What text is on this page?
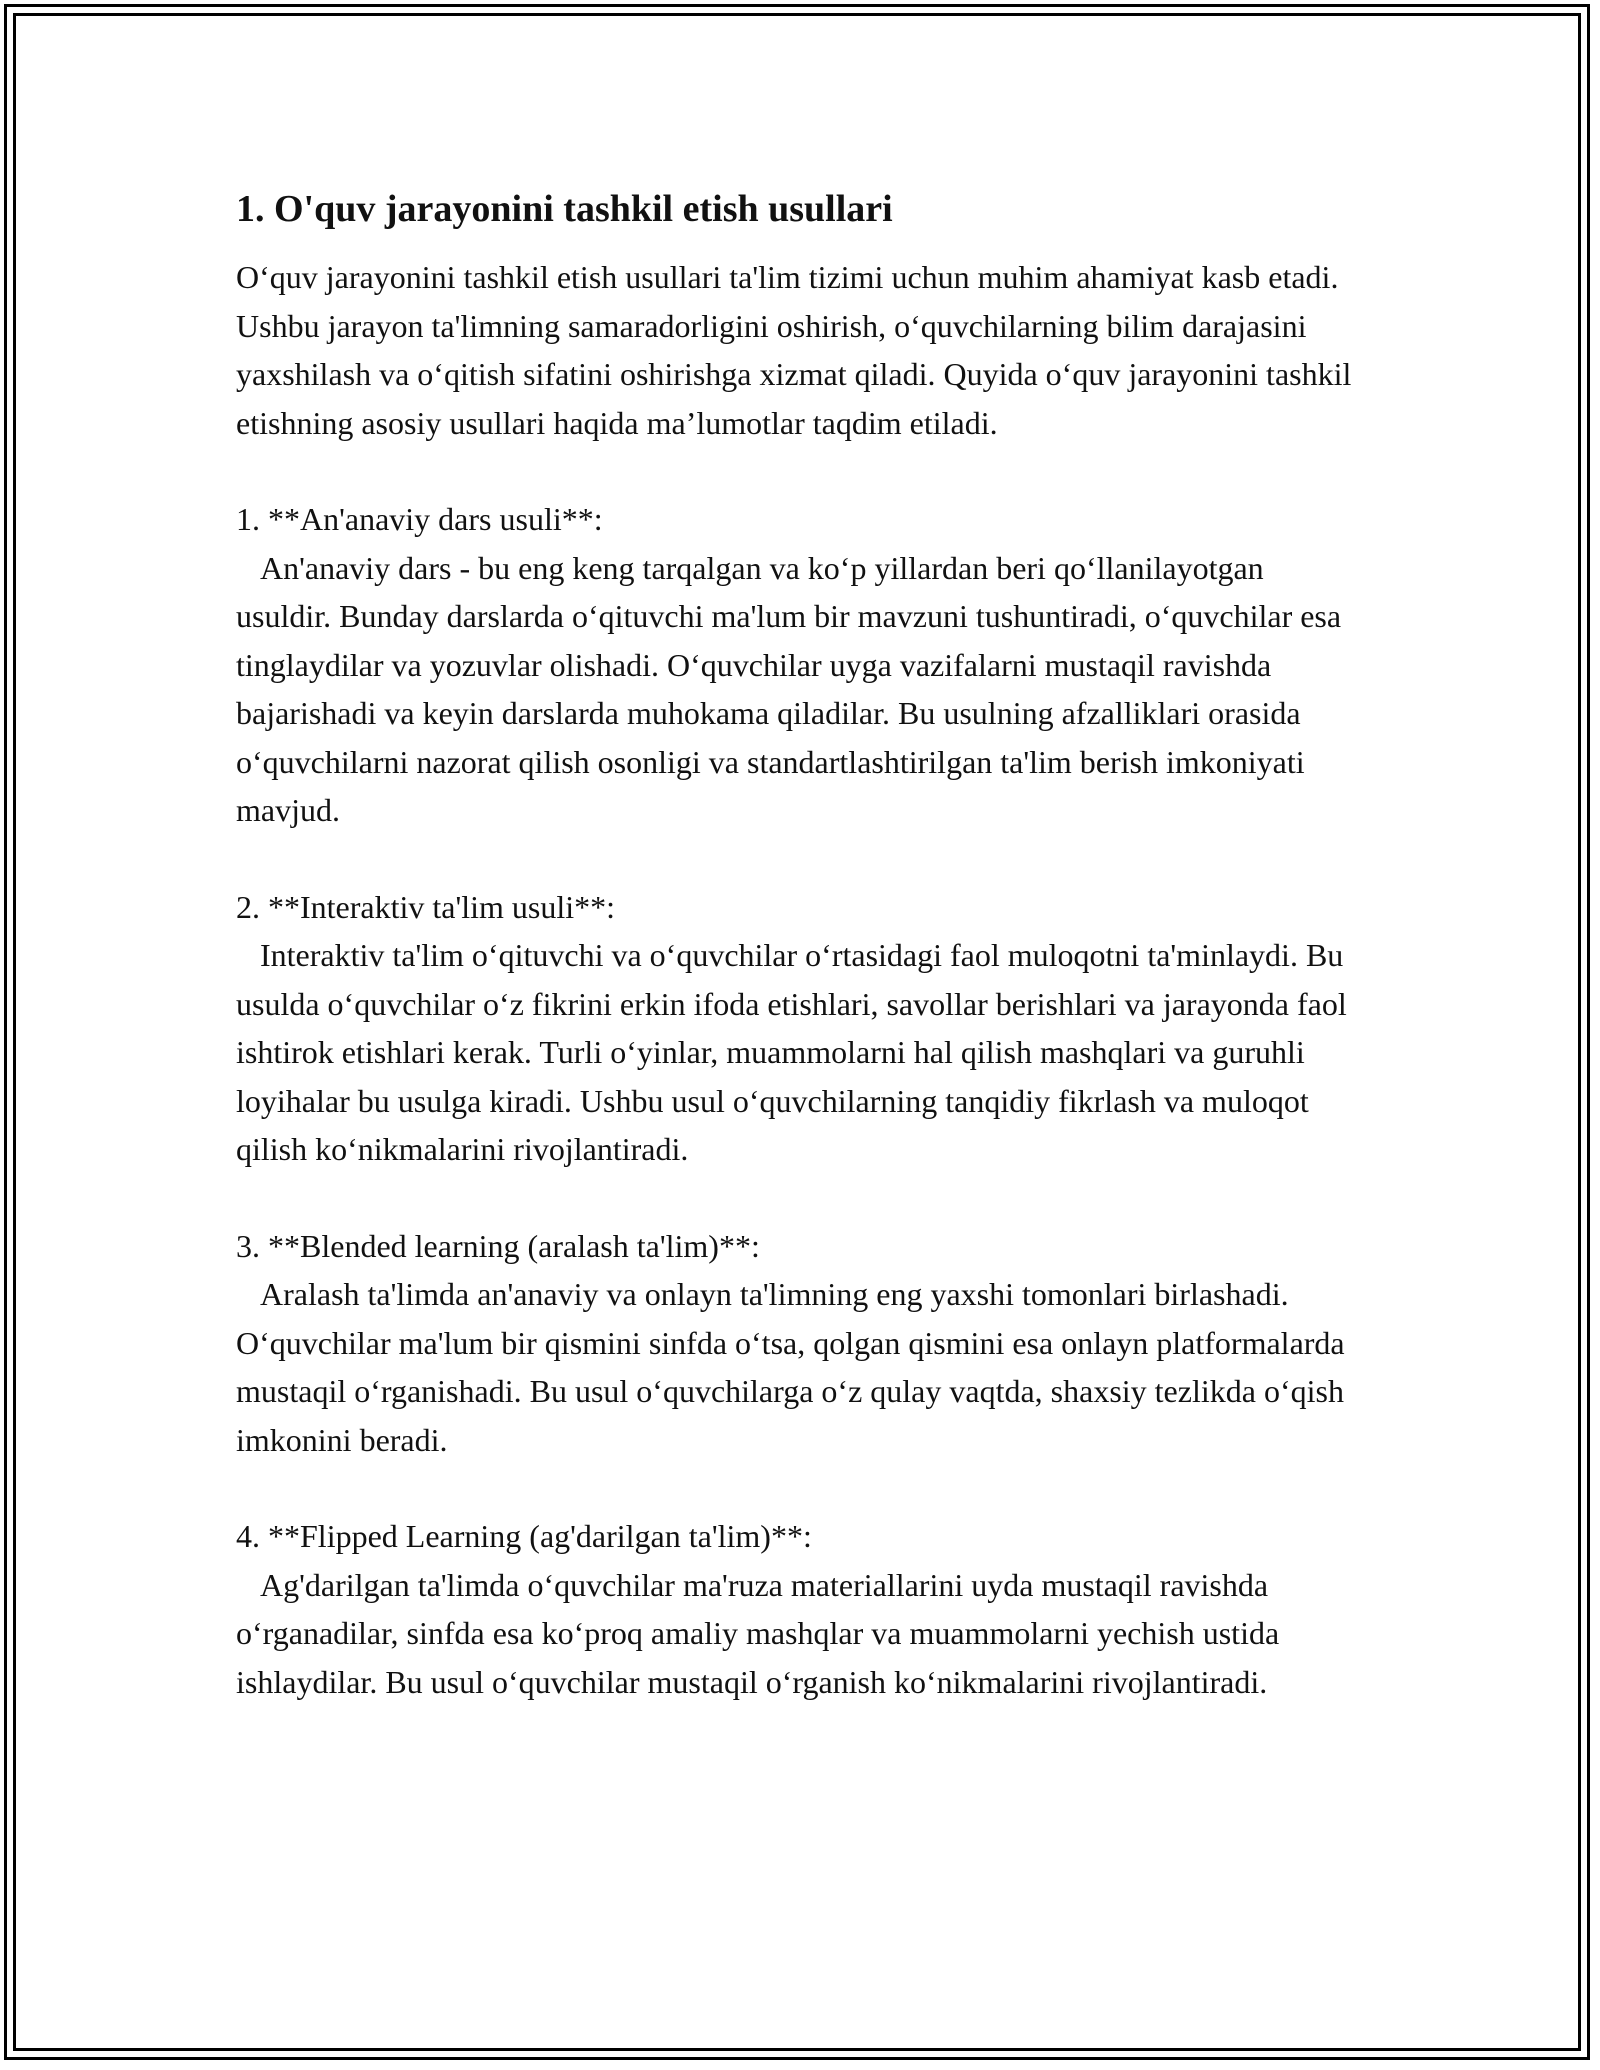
1. O'quv jarayonini tashkil etish usullari

O‘quv jarayonini tashkil etish usullari ta'lim tizimi uchun muhim ahamiyat kasb etadi. Ushbu jarayon ta'limning samaradorligini oshirish, o‘quvchilarning bilim darajasini yaxshilash va o‘qitish sifatini oshirishga xizmat qiladi. Quyida o‘quv jarayonini tashkil etishning asosiy usullari haqida ma’lumotlar taqdim etiladi.

1. **An'anaviy dars usuli**:

An'anaviy dars - bu eng keng tarqalgan va ko‘p yillardan beri qo‘llanilayotgan usuldir. Bunday darslarda o‘qituvchi ma'lum bir mavzuni tushuntiradi, o‘quvchilar esa tinglaydilar va yozuvlar olishadi. O‘quvchilar uyga vazifalarni mustaqil ravishda bajarishadi va keyin darslarda muhokama qiladilar. Bu usulning afzalliklari orasida o‘quvchilarni nazorat qilish osonligi va standartlashtirilgan ta'lim berish imkoniyati mavjud.

2. **Interaktiv ta'lim usuli**:

Interaktiv ta'lim o‘qituvchi va o‘quvchilar o‘rtasidagi faol muloqotni ta'minlaydi. Bu usulda o‘quvchilar o‘z fikrini erkin ifoda etishlari, savollar berishlari va jarayonda faol ishtirok etishlari kerak. Turli o‘yinlar, muammolarni hal qilish mashqlari va guruhli loyihalar bu usulga kiradi. Ushbu usul o‘quvchilarning tanqidiy fikrlash va muloqot qilish ko‘nikmalarini rivojlantiradi.

3. **Blended learning (aralash ta'lim)**:

Aralash ta'limda an'anaviy va onlayn ta'limning eng yaxshi tomonlari birlashadi. O‘quvchilar ma'lum bir qismini sinfda o‘tsa, qolgan qismini esa onlayn platformalarda mustaqil o‘rganishadi. Bu usul o‘quvchilarga o‘z qulay vaqtda, shaxsiy tezlikda o‘qish imkonini beradi.

4. **Flipped Learning (ag'darilgan ta'lim)**:

Ag'darilgan ta'limda o‘quvchilar ma'ruza materiallarini uyda mustaqil ravishda o‘rganadilar, sinfda esa ko‘proq amaliy mashqlar va muammolarni yechish ustida ishlaydilar. Bu usul o‘quvchilar mustaqil o‘rganish ko‘nikmalarini rivojlantiradi.
